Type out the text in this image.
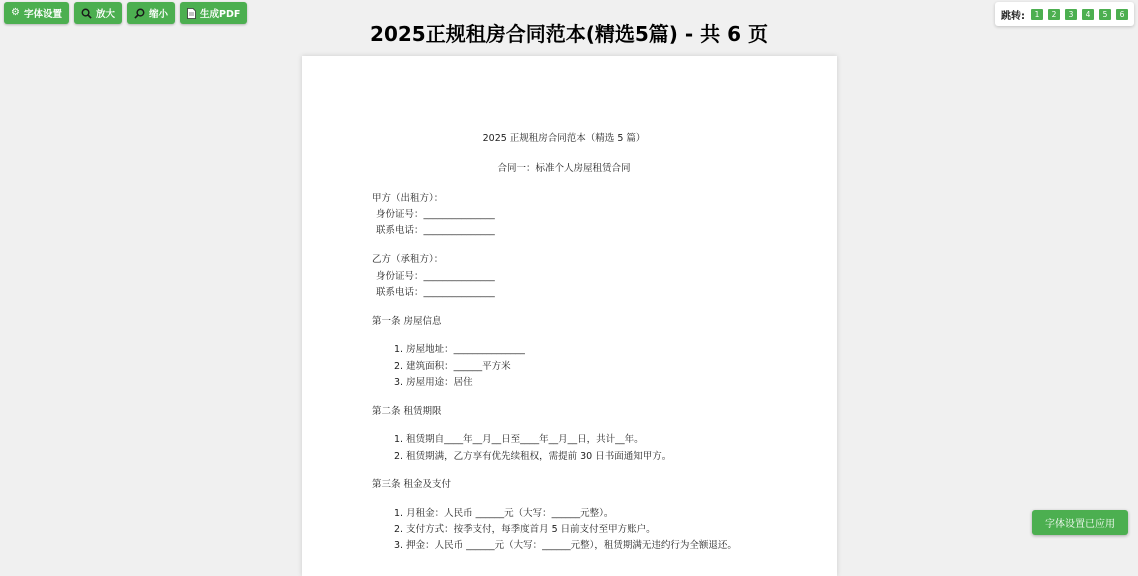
⚙ 字体设置	放大	缩小	生成PDF
2025正规租房合同范本(精选5篇) - 共 6 页
跳转:	1	2	3	4	5	6
2025 正规租房合同范本（精选 5 篇）
合同一：标准个人房屋租赁合同
甲方（出租方）：
身份证号：_______________
联系电话：_______________
乙方（承租方）：
身份证号：_______________
联系电话：_______________
第一条 房屋信息
1. 房屋地址：_______________
2. 建筑面积：______平方米
3. 房屋用途：居住
第二条 租赁期限
1. 租赁期自____年__月__日至____年__月__日，共计__年。
2. 租赁期满，乙方享有优先续租权，需提前 30 日书面通知甲方。
第三条 租金及支付
1. 月租金：人民币 ______元（大写：______元整）。
2. 支付方式：按季支付，每季度首月 5 日前支付至甲方账户。
3. 押金：人民币 ______元（大写：______元整），租赁期满无违约行为全额退还。
字体设置已应用
